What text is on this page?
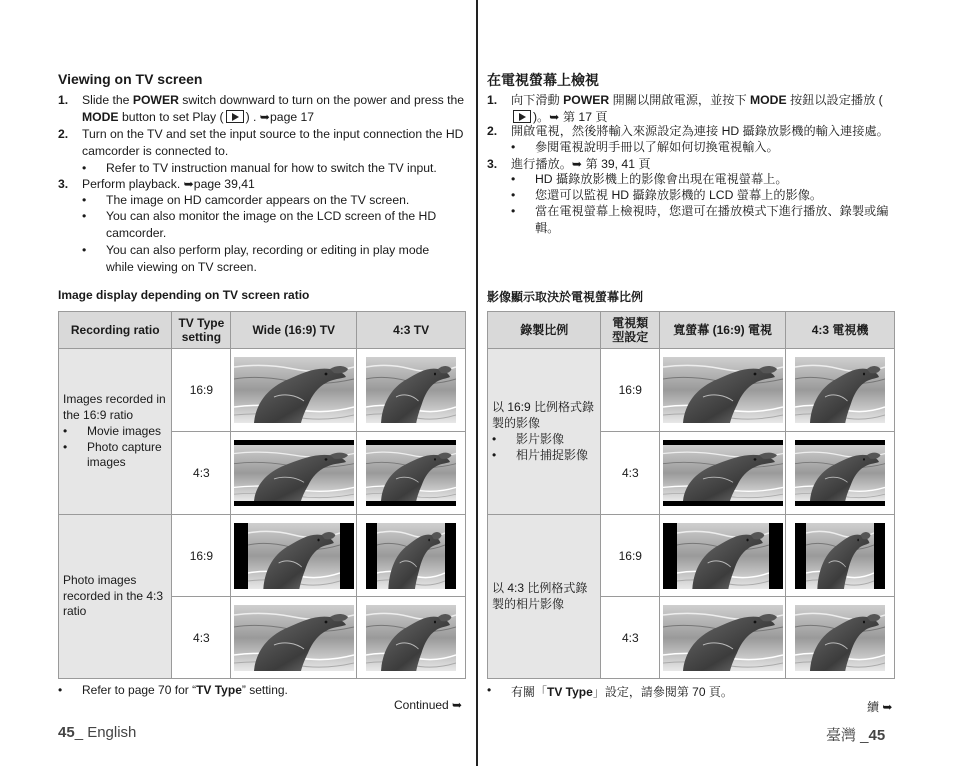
Viewing on TV screen
1. Slide the POWER switch downward to turn on the power and press the MODE button to set Play ( ) . ➥page 17
2. Turn on the TV and set the input source to the input connection the HD camcorder is connected to.
• Refer to TV instruction manual for how to switch the TV input.
3. Perform playback. ➥page 39,41
• The image on HD camcorder appears on the TV screen.
• You can also monitor the image on the LCD screen of the HD camcorder.
• You can also perform play, recording or editing in play mode while viewing on TV screen.
Image display depending on TV screen ratio
Recording ratio	TV Type setting	Wide (16:9) TV	4:3 TV

Images recorded in the 16:9 ratio
• Movie images
• Photo capture images	16:9	

	4:3	

Photo images recorded in the 4:3 ratio	16:9	

	4:3	

• Refer to page 70 for “TV Type” setting.
Continued ➥
45_ English
在電視螢幕上檢視
1. 向下滑動 POWER 開關以開啟電源，並按下 MODE 按鈕以設定播放 ()。➥ 第 17 頁
2. 開啟電視，然後將輸入來源設定為連接 HD 攝錄放影機的輸入連接處。
• 參閱電視說明手冊以了解如何切換電視輸入。
3. 進行播放。➥ 第 39, 41 頁
• HD 攝錄放影機上的影像會出現在電視螢幕上。
• 您還可以監視 HD 攝錄放影機的 LCD 螢幕上的影像。
• 當在電視螢幕上檢視時，您還可在播放模式下進行播放、錄製或編輯。
影像顯示取決於電視螢幕比例
錄製比例	電視類型設定	寬螢幕 (16:9) 電視	4:3 電視機

以 16:9 比例格式錄製的影像
• 影片影像
• 相片捕捉影像	16:9	

	4:3	

以 4:3 比例格式錄製的相片影像	16:9	

	4:3	

• 有關「TV Type」設定，請參閱第 70 頁。
續 ➥
臺灣 _45
